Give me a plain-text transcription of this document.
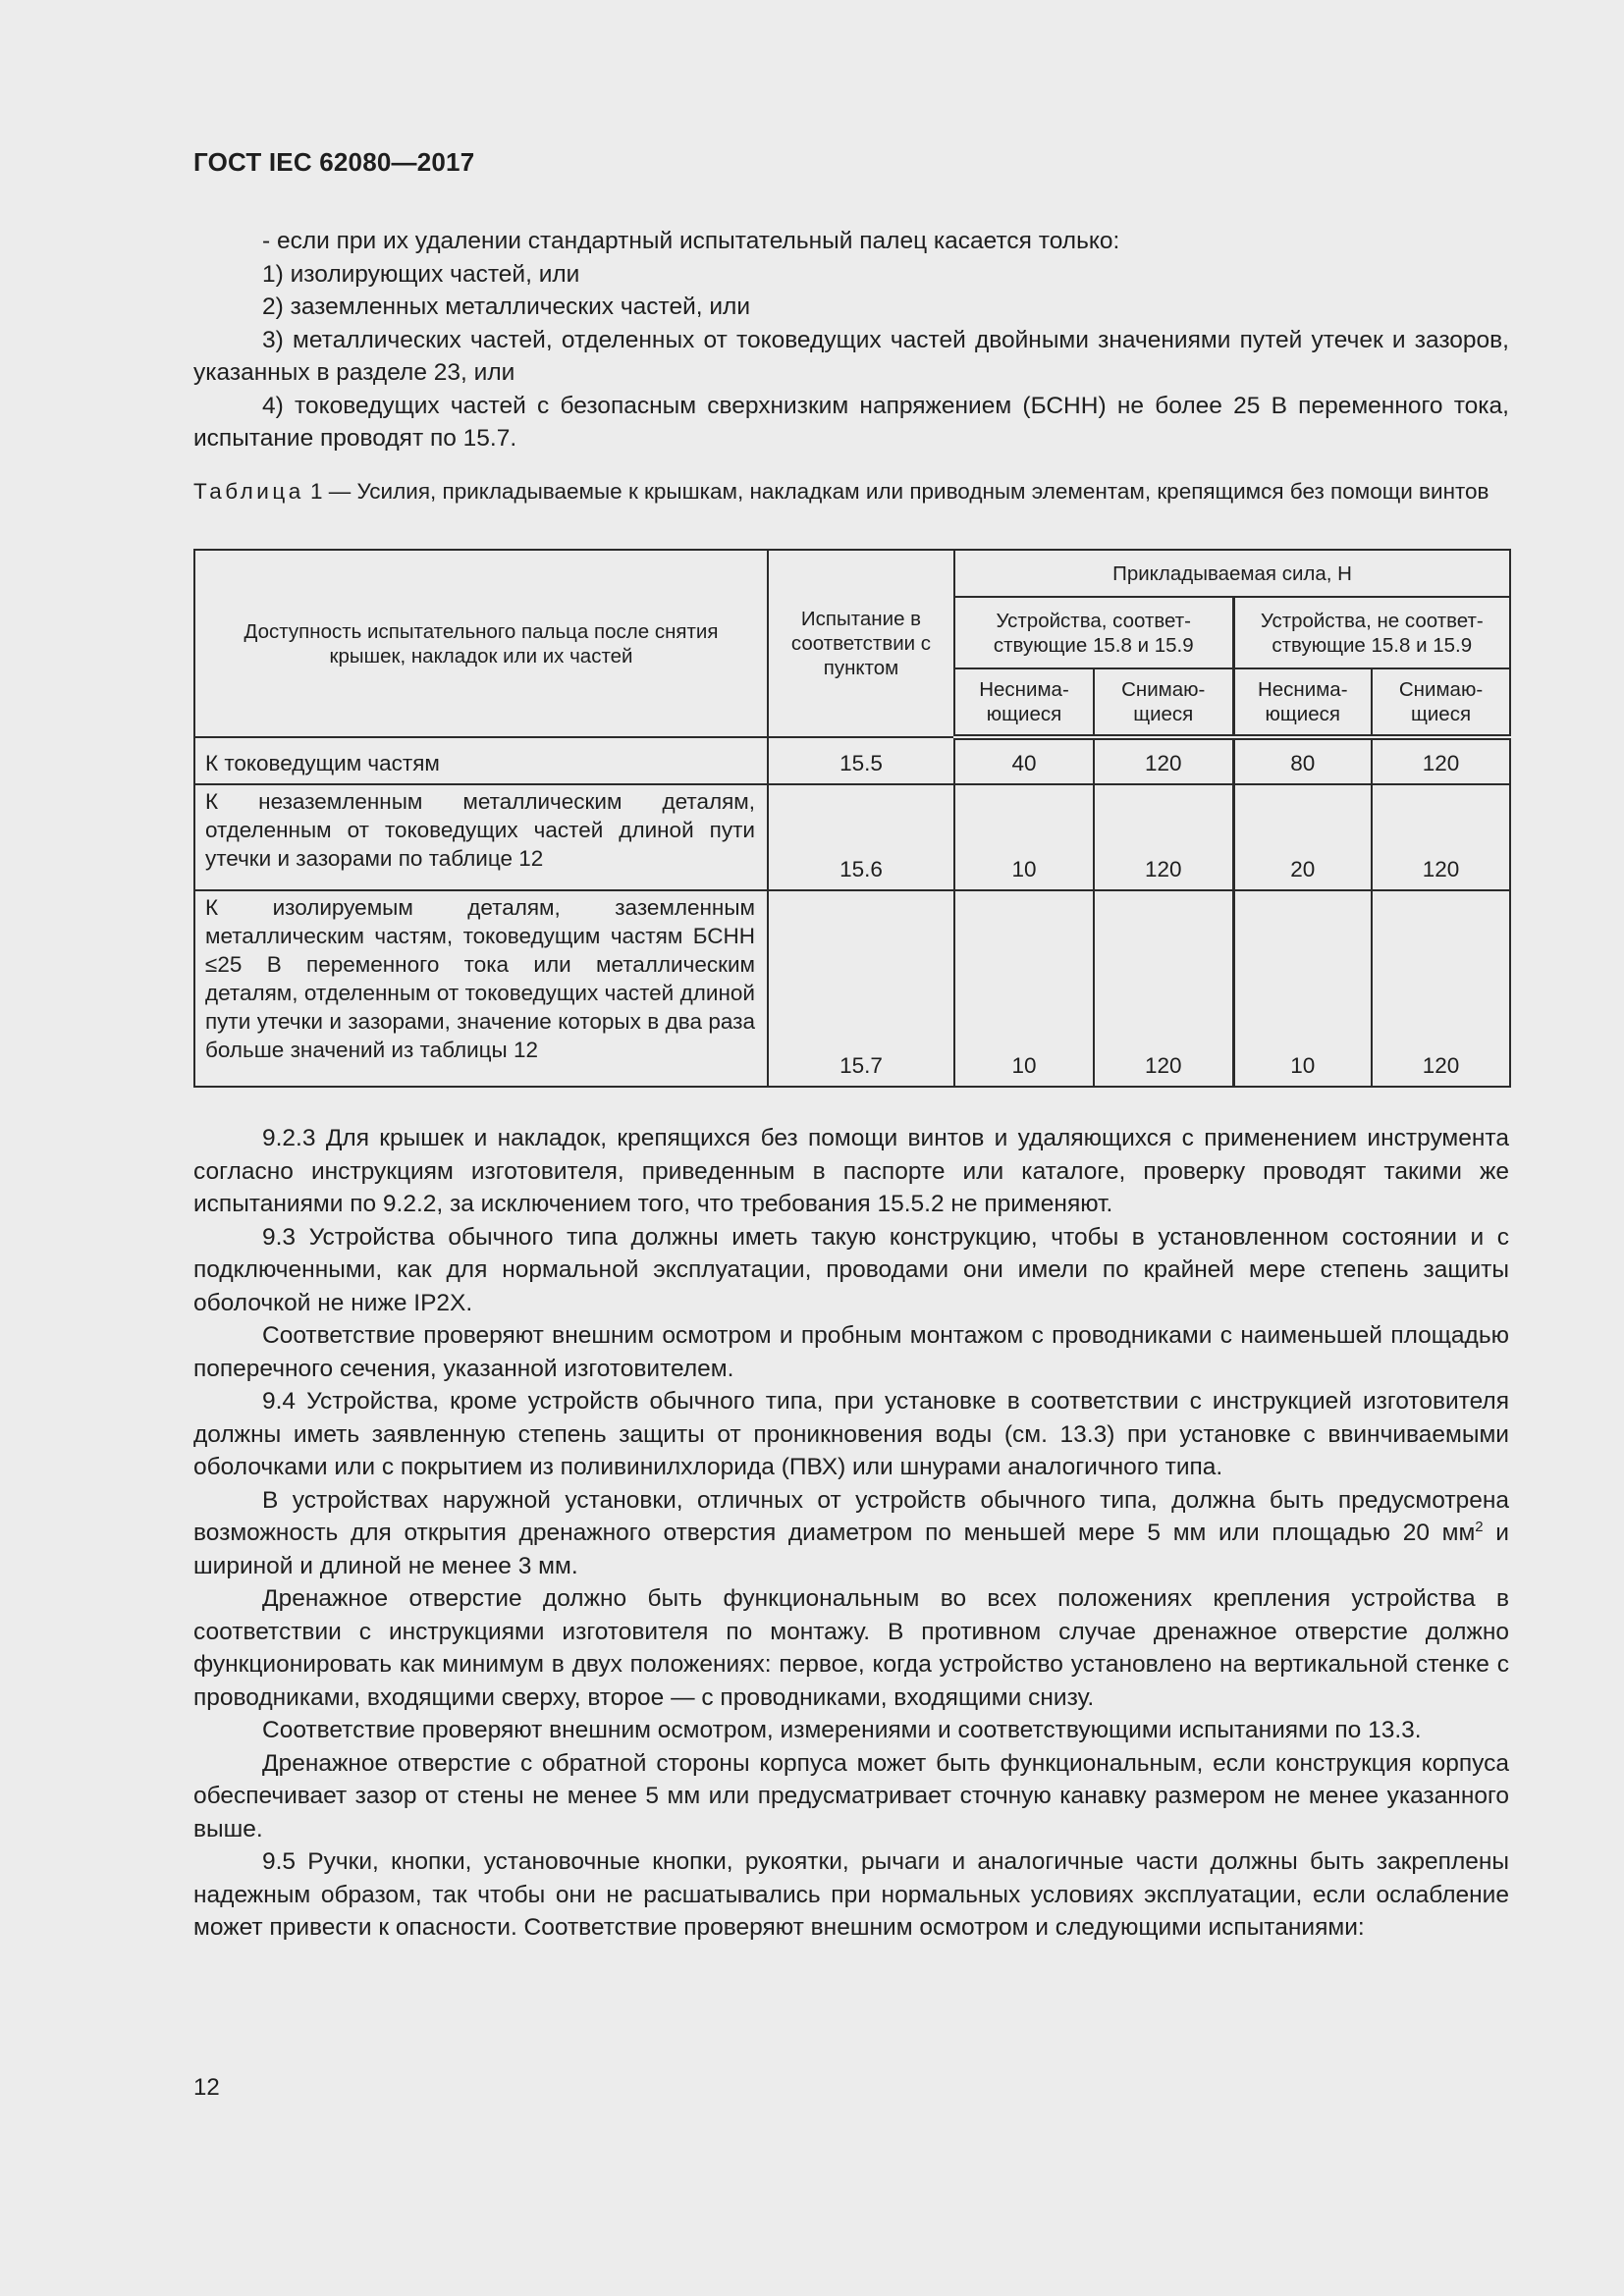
ГОСТ IEC 62080—2017

- если при их удалении стандартный испытательный палец касается только:

1) изолирующих частей, или

2) заземленных металлических частей, или

3) металлических частей, отделенных от токоведущих частей двойными значениями путей утечек и зазоров, указанных в разделе 23, или

4) токоведущих частей с безопасным сверхнизким напряжением (БСНН) не более 25 В переменного тока, испытание проводят по 15.7.

Таблица 1 — Усилия, прикладываемые к крышкам, накладкам или приводным элементам, крепящимся без помощи винтов
Доступность испытательного пальца после снятия крышек, накладок или их частей	Испытание в соответствии с пунктом	Прикладываемая сила, Н			
		Устройства, соответ-ствующие 15.8 и 15.9		Устройства, не соответ-ствующие 15.8 и 15.9	
		Неснима-ющиеся	Снимаю-щиеся	Неснима-ющиеся	Снимаю-щиеся
К токоведущим частям	15.5	40	120	80	120
К незаземленным металлическим деталям, отделенным от токоведущих частей длиной пути утечки и зазорами по таблице 12	15.6	10	120	20	120
К изолируемым деталям, заземленным металлическим частям, токоведущим частям БСНН ≤25 В переменного тока или металлическим деталям, отделенным от токоведущих частей длиной пути утечки и зазорами, значение которых в два раза больше значений из таблицы 12	15.7	10	120	10	120

9.2.3 Для крышек и накладок, крепящихся без помощи винтов и удаляющихся с применением инструмента согласно инструкциям изготовителя, приведенным в паспорте или каталоге, проверку проводят такими же испытаниями по 9.2.2, за исключением того, что требования 15.5.2 не применяют.

9.3 Устройства обычного типа должны иметь такую конструкцию, чтобы в установленном состоянии и с подключенными, как для нормальной эксплуатации, проводами они имели по крайней мере степень защиты оболочкой не ниже IP2X.

Соответствие проверяют внешним осмотром и пробным монтажом с проводниками с наименьшей площадью поперечного сечения, указанной изготовителем.

9.4 Устройства, кроме устройств обычного типа, при установке в соответствии с инструкцией изготовителя должны иметь заявленную степень защиты от проникновения воды (см. 13.3) при установке с ввинчиваемыми оболочками или с покрытием из поливинилхлорида (ПВХ) или шнурами аналогичного типа.

В устройствах наружной установки, отличных от устройств обычного типа, должна быть предусмотрена возможность для открытия дренажного отверстия диаметром по меньшей мере 5 мм или площадью 20 $мм^2$ и шириной и длиной не менее 3 мм.

Дренажное отверстие должно быть функциональным во всех положениях крепления устройства в соответствии с инструкциями изготовителя по монтажу. В противном случае дренажное отверстие должно функционировать как минимум в двух положениях: первое, когда устройство установлено на вертикальной стенке с проводниками, входящими сверху, второе — с проводниками, входящими снизу.

Соответствие проверяют внешним осмотром, измерениями и соответствующими испытаниями по 13.3.

Дренажное отверстие с обратной стороны корпуса может быть функциональным, если конструкция корпуса обеспечивает зазор от стены не менее 5 мм или предусматривает сточную канавку размером не менее указанного выше.

9.5 Ручки, кнопки, установочные кнопки, рукоятки, рычаги и аналогичные части должны быть закреплены надежным образом, так чтобы они не расшатывались при нормальных условиях эксплуатации, если ослабление может привести к опасности. Соответствие проверяют внешним осмотром и следующими испытаниями:

12
